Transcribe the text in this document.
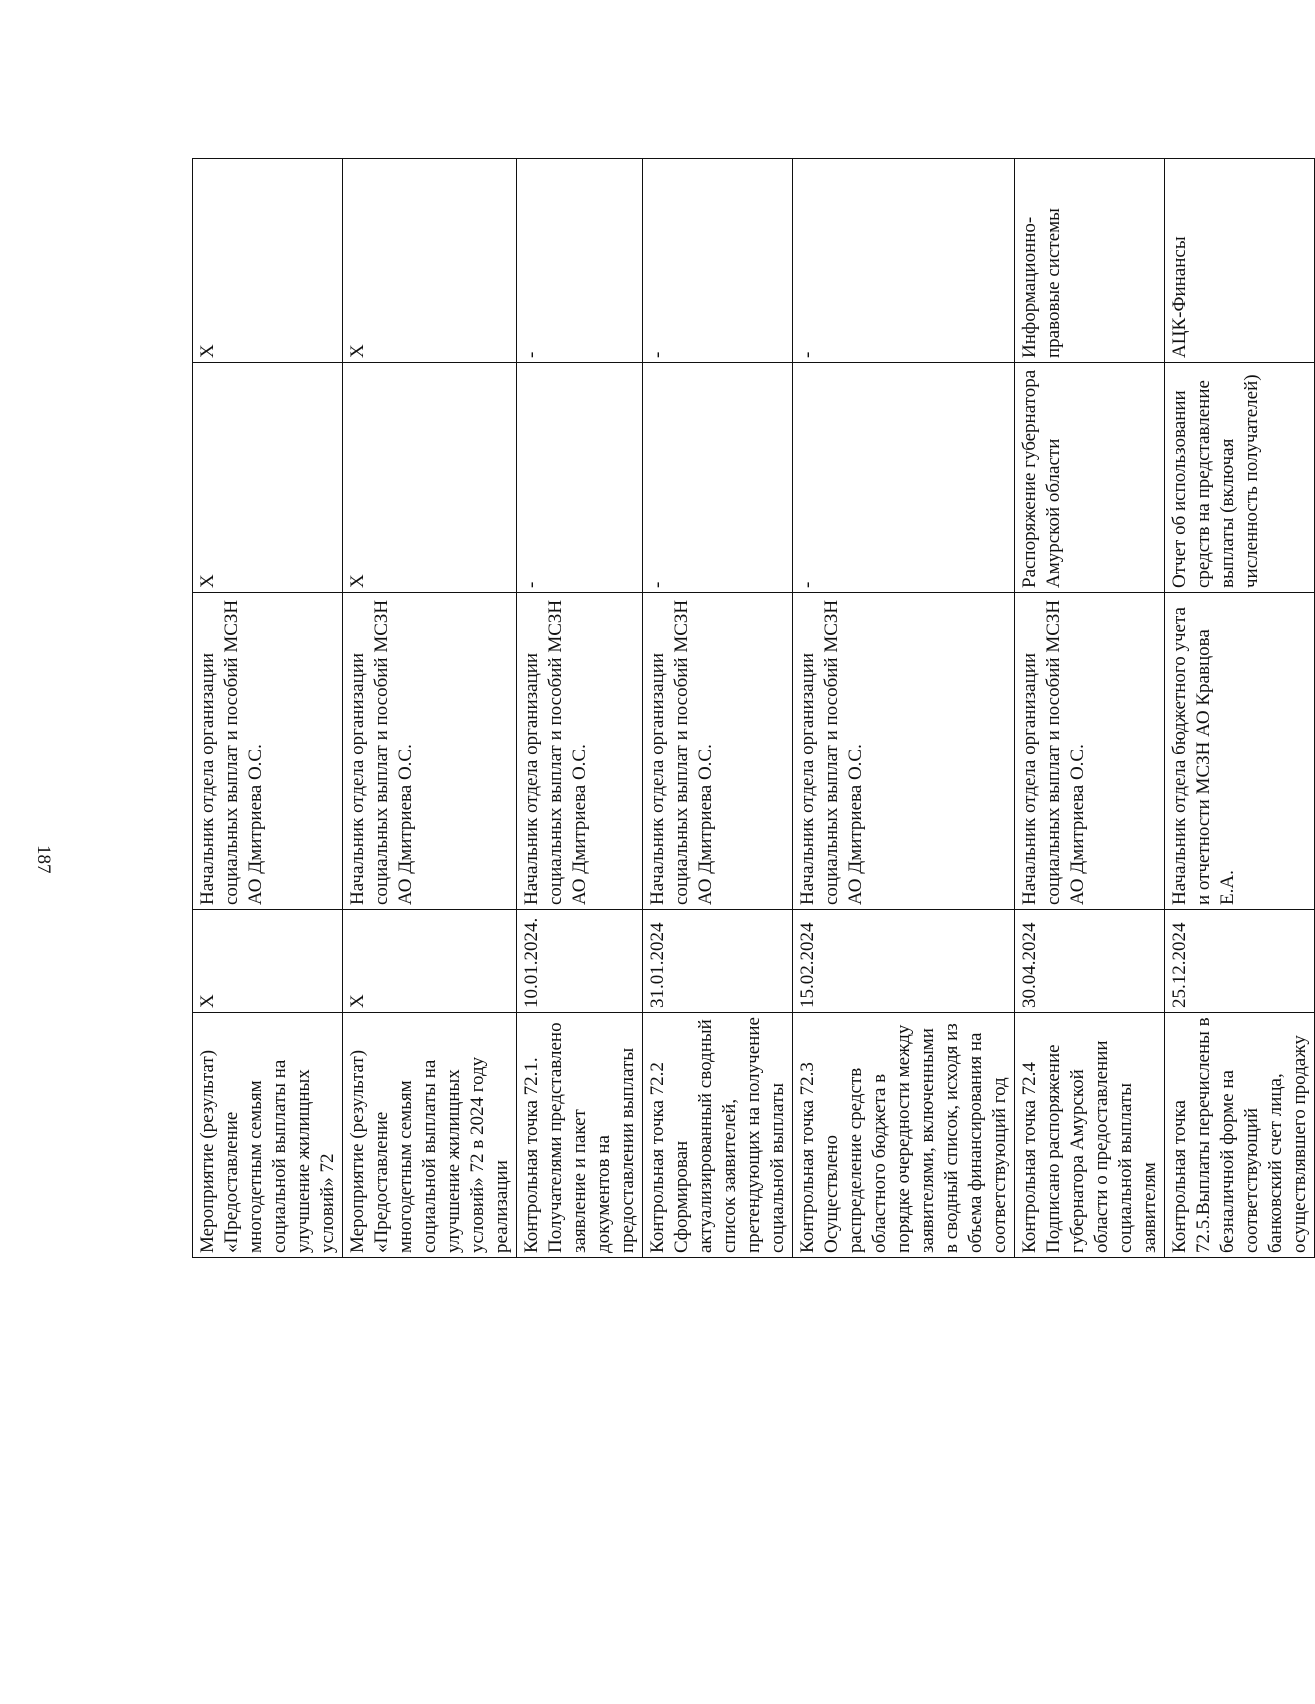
187
Мероприятие (результат) «Предоставление многодетным семьям социальной выплаты на улучшение жилищных условий» 72	X	Начальник отдела организации социальных выплат и пособий МСЗН АО Дмитриева О.С.	X	X
Мероприятие (результат) «Предоставление многодетным семьям социальной выплаты на улучшение жилищных условий» 72 в 2024 году реализации	X	Начальник отдела организации социальных выплат и пособий МСЗН АО Дмитриева О.С.	X	X
Контрольная точка 72.1. Получателями представлено заявление и пакет документов на предоставлении выплаты	10.01.2024.	Начальник отдела организации социальных выплат и пособий МСЗН АО Дмитриева О.С.	-	-
Контрольная точка 72.2 Сформирован актуализированный сводный список заявителей, претендующих на получение социальной выплаты	31.01.2024	Начальник отдела организации социальных выплат и пособий МСЗН АО Дмитриева О.С.	-	-
Контрольная точка 72.3 Осуществлено распределение средств областного бюджета в порядке очередности между заявителями, включенными в сводный список, исходя из объема финансирования на соответствующий год	15.02.2024	Начальник отдела организации социальных выплат и пособий МСЗН АО Дмитриева О.С.	-	-
Контрольная точка 72.4 Подписано распоряжение губернатора Амурской области о предоставлении социальной выплаты заявителям	30.04.2024	Начальник отдела организации социальных выплат и пособий МСЗН АО Дмитриева О.С.	Распоряжение губернатора Амурской области	Информационно-правовые системы
Контрольная точка 72.5.Выплаты перечислены в безналичной форме на соответствующий банковский счет лица, осуществлявшего продажу	25.12.2024	Начальник отдела бюджетного учета и отчетности МСЗН АО Кравцова Е.А.	Отчет об использовании средств на представление выплаты (включая численность получателей)	АЦК-Финансы
